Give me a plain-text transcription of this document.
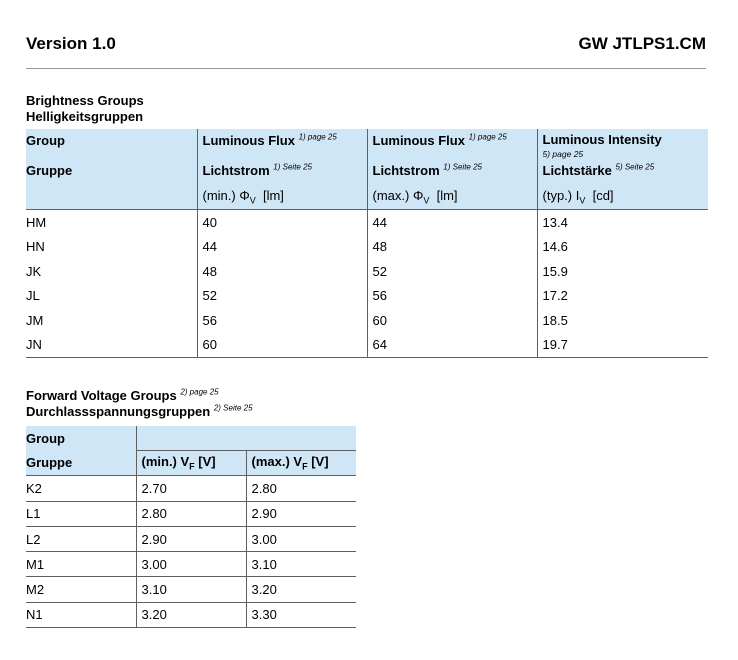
Version 1.0	GW JTLPS1.CM
Brightness Groups
Helligkeitsgruppen
Group	Luminous Flux $^{1) page 25}$	Luminous Flux $^{1) page 25}$	Luminous Intensity
5) page 25
Gruppe	Lichtstrom $^{1) Seite 25}$	Lichtstrom $^{1) Seite 25}$	Lichtstärke $^{5) Seite 25}$
	(min.) $\Phi_V$ [lm]	(max.) $\Phi_V$ [lm]	(typ.) $I_V$ [cd]
HM	40	44	13.4
HN	44	48	14.6
JK	48	52	15.9
JL	52	56	17.2
JM	56	60	18.5
JN	60	64	19.7
Forward Voltage Groups $^{2) page 25}$
Durchlassspannungsgruppen $^{2) Seite 25}$
Group		
Gruppe	(min.) $V_F$ [V]	(max.) $V_F$ [V]
K2	2.70	2.80
L1	2.80	2.90
L2	2.90	3.00
M1	3.00	3.10
M2	3.10	3.20
N1	3.20	3.30
